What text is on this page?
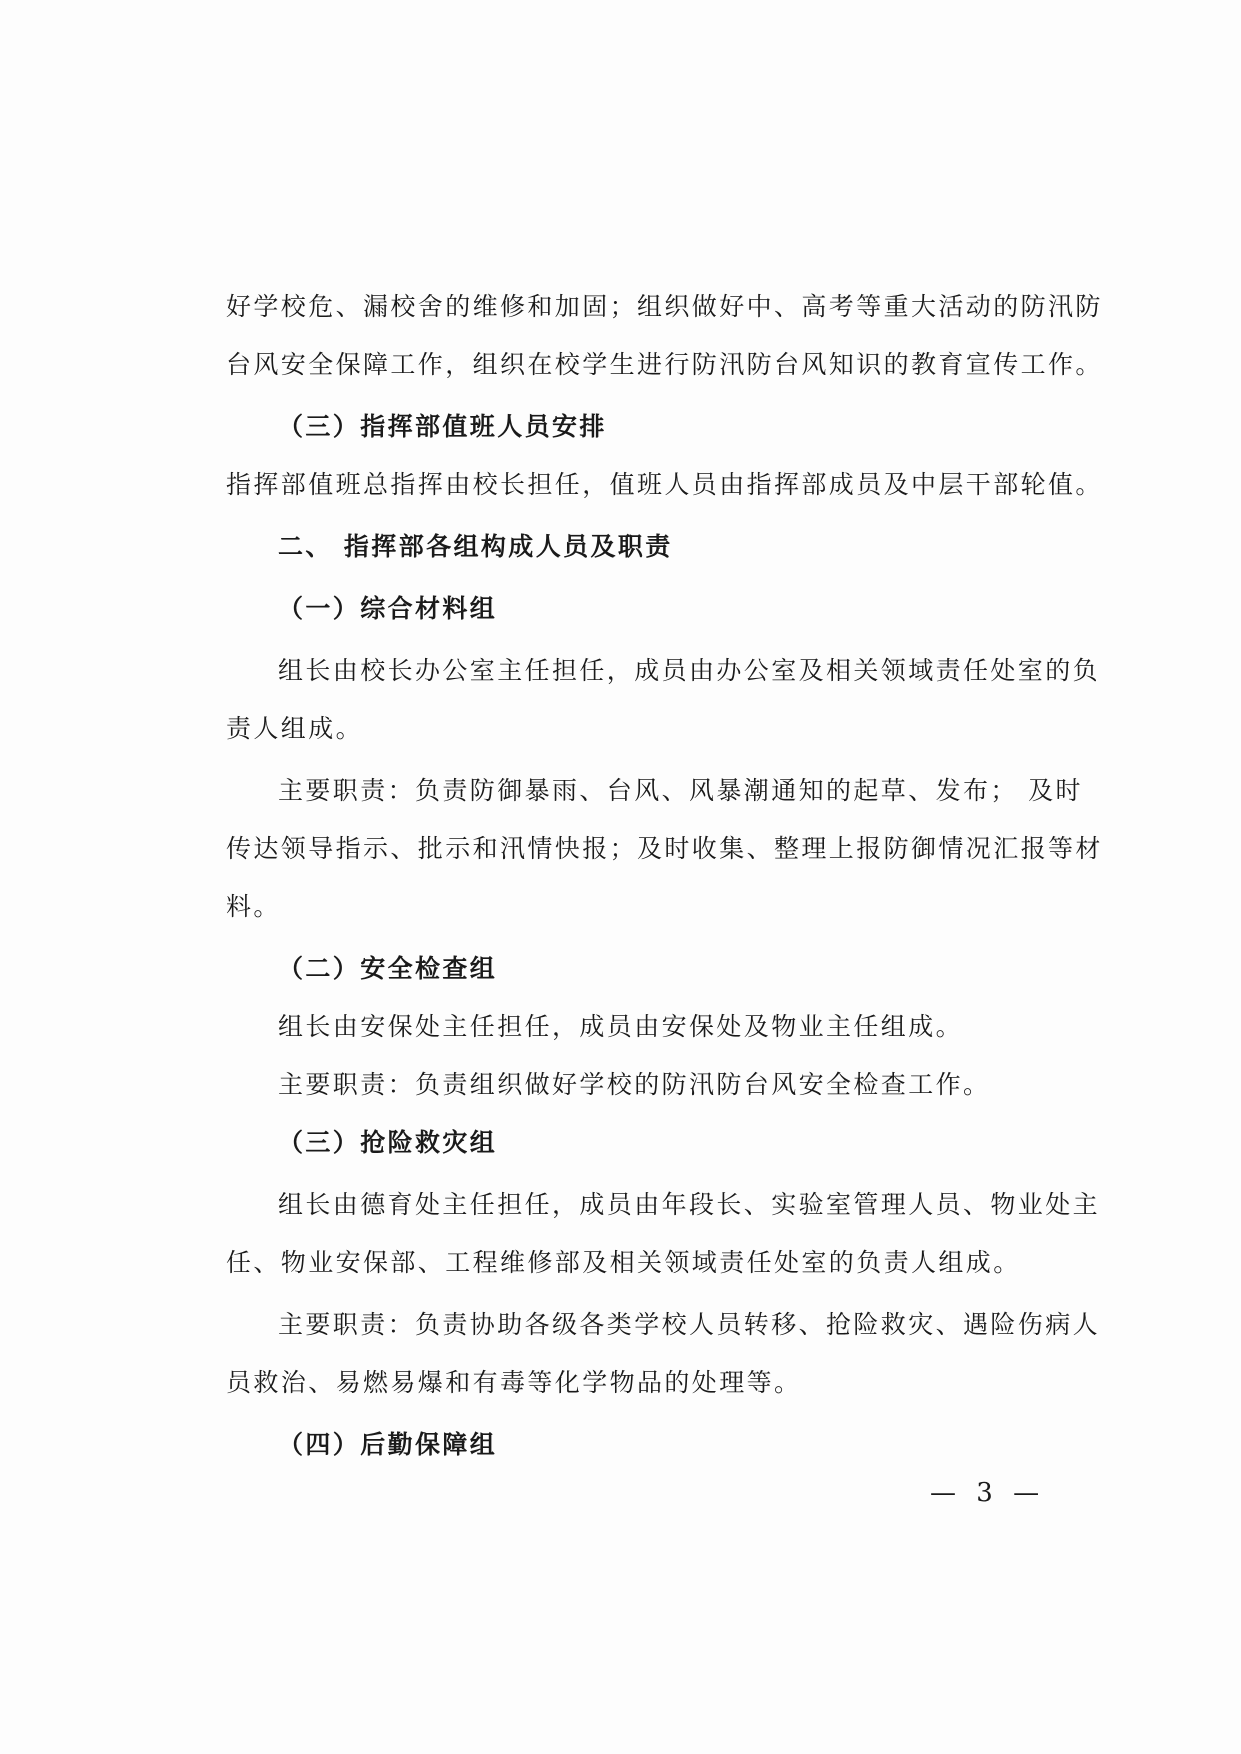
好学校危、漏校舍的维修和加固；组织做好中、高考等重大活动的防汛防
台风安全保障工作，组织在校学生进行防汛防台风知识的教育宣传工作。
（三）指挥部值班人员安排
指挥部值班总指挥由校长担任，值班人员由指挥部成员及中层干部轮值。
二、 指挥部各组构成人员及职责
（一）综合材料组
组长由校长办公室主任担任，成员由办公室及相关领域责任处室的负
责人组成。
主要职责：负责防御暴雨、台风、风暴潮通知的起草、发布； 及时
传达领导指示、批示和汛情快报；及时收集、整理上报防御情况汇报等材
料。
（二）安全检查组
组长由安保处主任担任，成员由安保处及物业主任组成。
主要职责：负责组织做好学校的防汛防台风安全检查工作。
（三）抢险救灾组
组长由德育处主任担任，成员由年段长、实验室管理人员、物业处主
任、物业安保部、工程维修部及相关领域责任处室的负责人组成。
主要职责：负责协助各级各类学校人员转移、抢险救灾、遇险伤病人
员救治、易燃易爆和有毒等化学物品的处理等。
（四）后勤保障组
— 3 —
